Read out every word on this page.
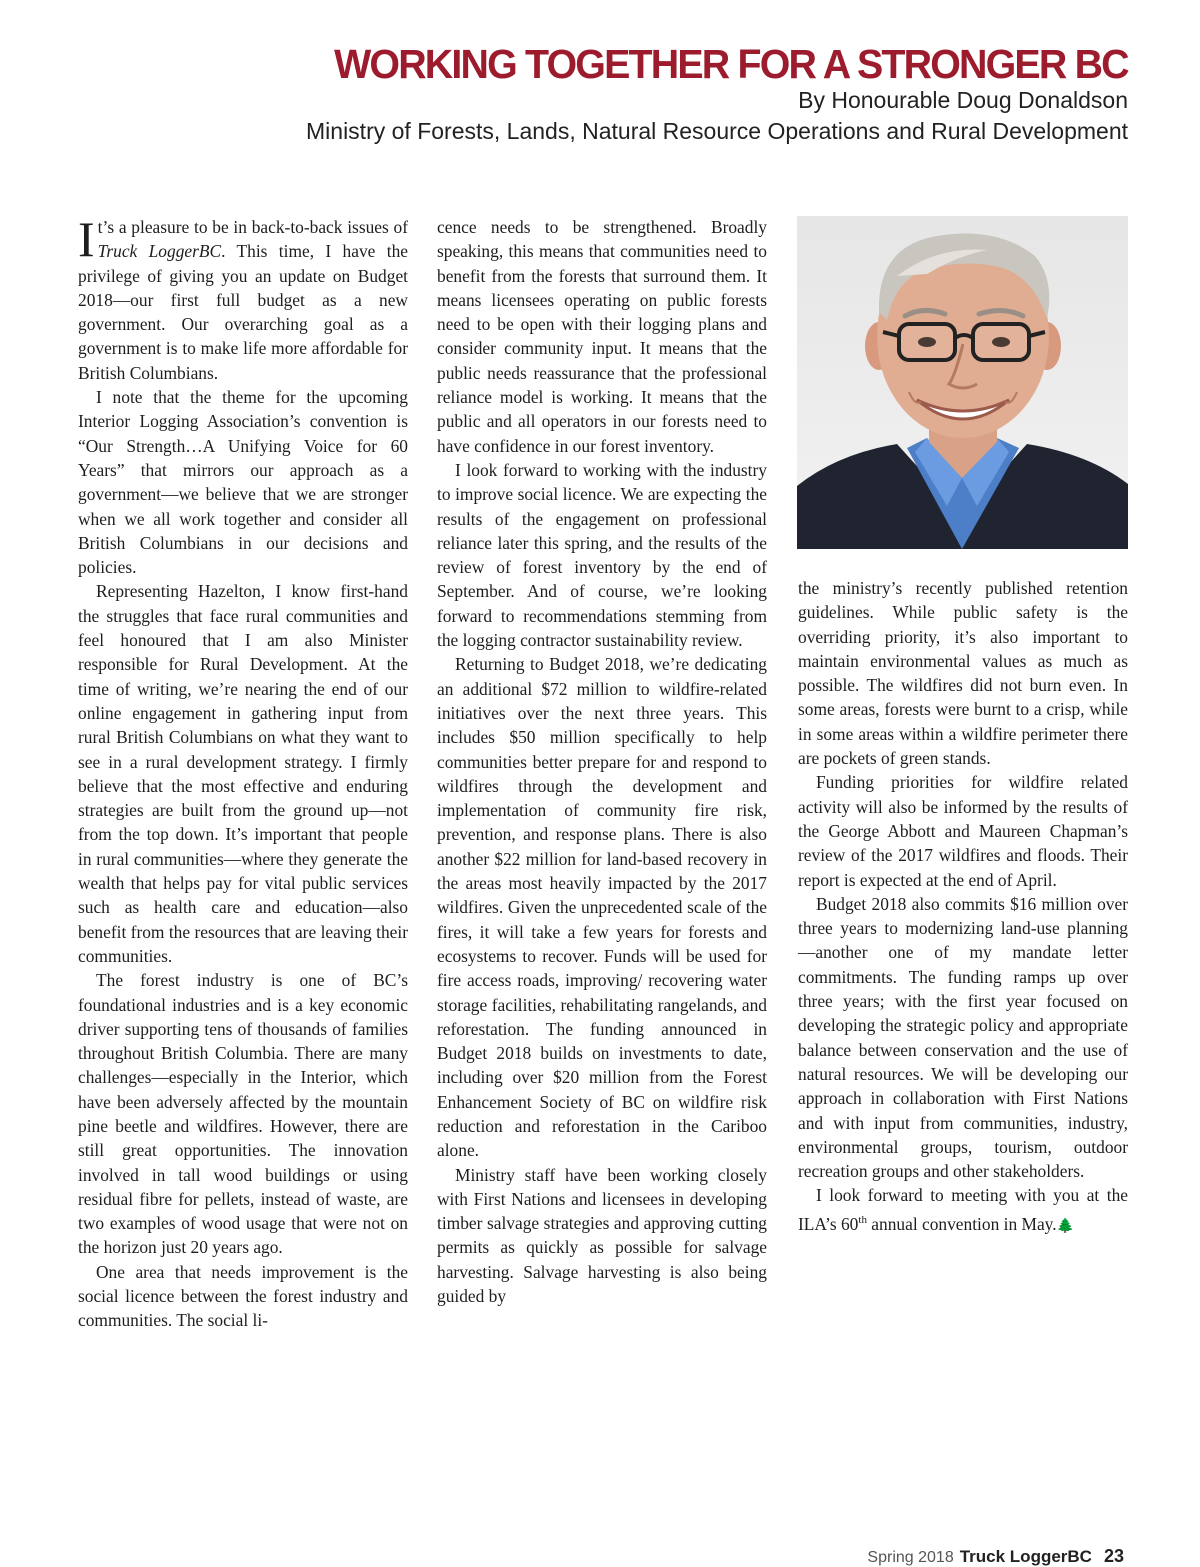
WORKING TOGETHER FOR A STRONGER BC
By Honourable Doug Donaldson
Ministry of Forests, Lands, Natural Resource Operations and Rural Development

It’s a pleasure to be in back-to-back issues of Truck LoggerBC. This time, I have the privilege of giving you an update on Budget 2018—our first full budget as a new government. Our overarching goal as a government is to make life more affordable for British Columbians.

I note that the theme for the upcoming Interior Logging Association’s convention is “Our Strength…A Unifying Voice for 60 Years” that mirrors our approach as a government—we believe that we are stronger when we all work together and consider all British Columbians in our decisions and policies.

Representing Hazelton, I know first-hand the struggles that face rural communities and feel honoured that I am also Minister responsible for Rural Development. At the time of writing, we’re nearing the end of our online engagement in gathering input from rural British Columbians on what they want to see in a rural development strategy. I firmly believe that the most effective and enduring strategies are built from the ground up—not from the top down. It’s important that people in rural communities—where they generate the wealth that helps pay for vital public services such as health care and education—also benefit from the resources that are leaving their communities.

The forest industry is one of BC’s foundational industries and is a key economic driver supporting tens of thousands of families throughout British Columbia. There are many challenges—especially in the Interior, which have been adversely affected by the mountain pine beetle and wildfires. However, there are still great opportunities. The innovation involved in tall wood buildings or using residual fibre for pellets, instead of waste, are two examples of wood usage that were not on the horizon just 20 years ago.

One area that needs improvement is the social licence between the forest industry and communities. The social li-

cence needs to be strengthened. Broadly speaking, this means that communities need to benefit from the forests that surround them. It means licensees operating on public forests need to be open with their logging plans and consider community input. It means that the public needs reassurance that the professional reliance model is working. It means that the public and all operators in our forests need to have confidence in our forest inventory.

I look forward to working with the industry to improve social licence. We are expecting the results of the engagement on professional reliance later this spring, and the results of the review of forest inventory by the end of September. And of course, we’re looking forward to recommendations stemming from the logging contractor sustainability review.

Returning to Budget 2018, we’re dedicating an additional $72 million to wildfire-related initiatives over the next three years. This includes $50 million specifically to help communities better prepare for and respond to wildfires through the development and implementation of community fire risk, prevention, and response plans. There is also another $22 million for land-based recovery in the areas most heavily impacted by the 2017 wildfires. Given the unprecedented scale of the fires, it will take a few years for forests and ecosystems to recover. Funds will be used for fire access roads, improving/ recovering water storage facilities, rehabilitating rangelands, and reforestation. The funding announced in Budget 2018 builds on investments to date, including over $20 million from the Forest Enhancement Society of BC on wildfire risk reduction and reforestation in the Cariboo alone.

Ministry staff have been working closely with First Nations and licensees in developing timber salvage strategies and approving cutting permits as quickly as possible for salvage harvesting. Salvage harvesting is also being guided by

the ministry’s recently published retention guidelines. While public safety is the overriding priority, it’s also important to maintain environmental values as much as possible. The wildfires did not burn even. In some areas, forests were burnt to a crisp, while in some areas within a wildfire perimeter there are pockets of green stands.

Funding priorities for wildfire related activity will also be informed by the results of the George Abbott and Maureen Chapman’s review of the 2017 wildfires and floods. Their report is expected at the end of April.

Budget 2018 also commits $16 million over three years to modernizing land-use planning—another one of my mandate letter commitments. The funding ramps up over three years; with the first year focused on developing the strategic policy and appropriate balance between conservation and the use of natural resources. We will be developing our approach in collaboration with First Nations and with input from communities, industry, environmental groups, tourism, outdoor recreation groups and other stakeholders.

I look forward to meeting with you at the ILA’s 60th annual convention in May.🌲

Spring 2018 Truck LoggerBC 23
